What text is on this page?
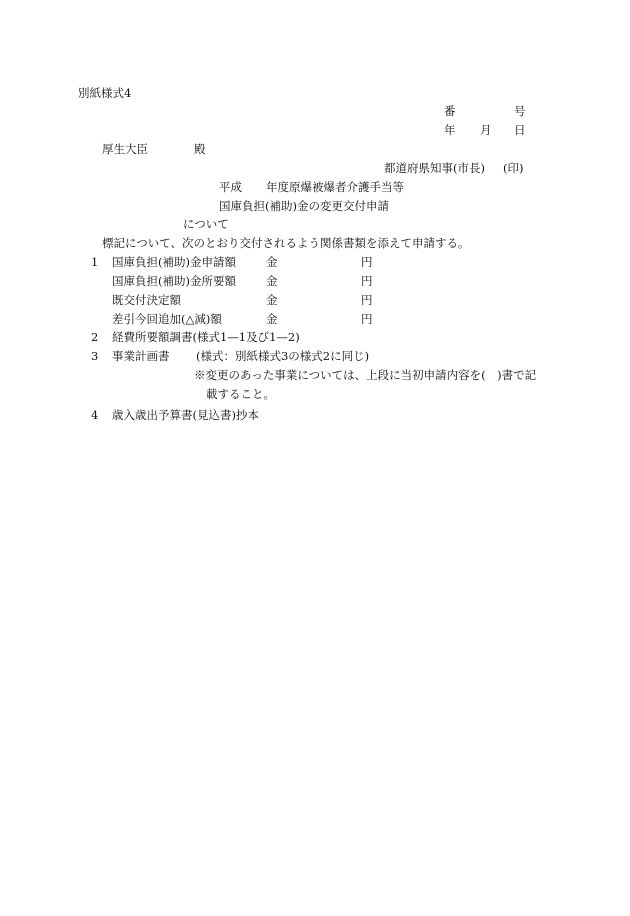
別紙様式4
番	号
年 月 日
厚生大臣	殿
都道府県知事(市長) (印)
平成 年度原爆被爆者介護手当等
国庫負担(補助)金の変更交付申請
について
標記について、次のとおり交付されるよう関係書類を添えて申請する。
1 国庫負担(補助)金申請額	金	円
国庫負担(補助)金所要額	金	円
既交付決定額	金	円
差引今回追加(△減)額	金	円
2 経費所要額調書(様式1—1及び1—2)
3 事業計画書 (様式：別紙様式3の様式2に同じ)
※変更のあった事業については、上段に当初申請内容を(　)書で記
載すること。
4 歳入歳出予算書(見込書)抄本
